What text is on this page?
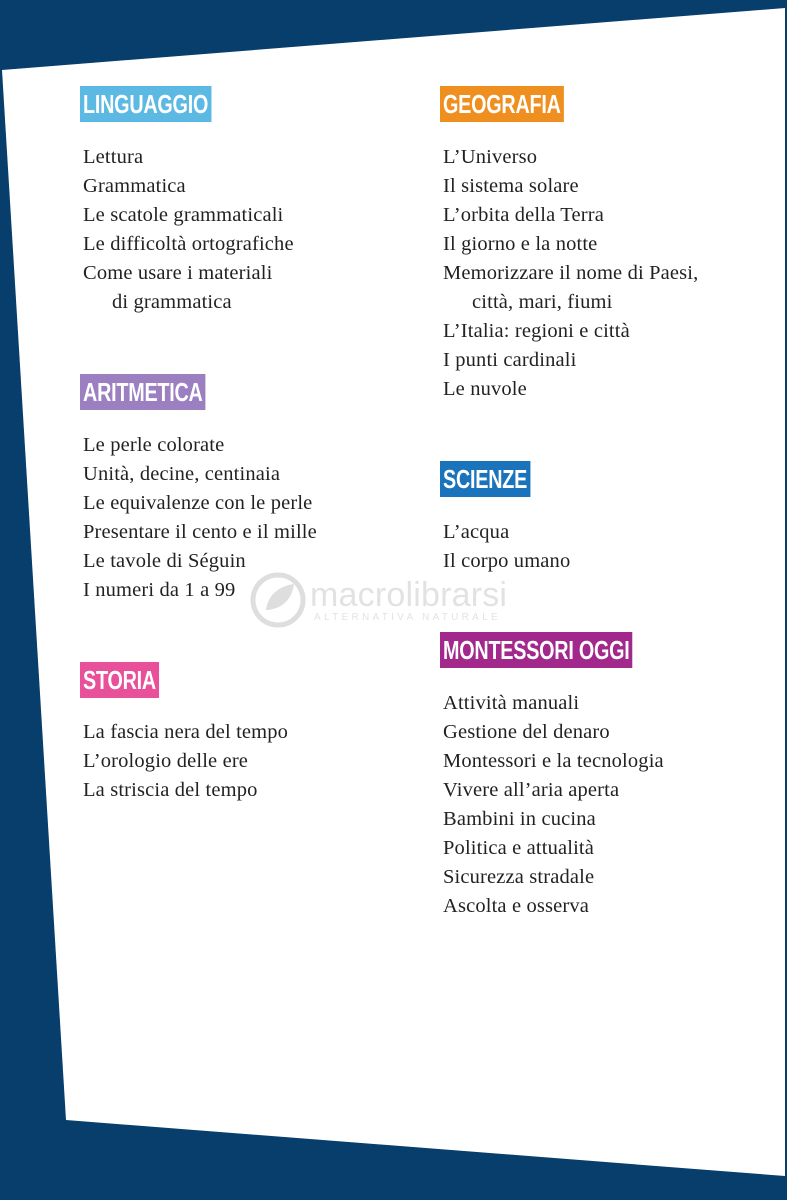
LINGUAGGIO
Lettura
Grammatica
Le scatole grammaticali
Le difficoltà ortografiche
Come usare i materiali
di grammatica
ARITMETICA
Le perle colorate
Unità, decine, centinaia
Le equivalenze con le perle
Presentare il cento e il mille
Le tavole di Séguin
I numeri da 1 a 99
STORIA
La fascia nera del tempo
L’orologio delle ere
La striscia del tempo
GEOGRAFIA
L’Universo
Il sistema solare
L’orbita della Terra
Il giorno e la notte
Memorizzare il nome di Paesi,
città, mari, fiumi
L’Italia: regioni e città
I punti cardinali
Le nuvole
SCIENZE
L’acqua
Il corpo umano
MONTESSORI OGGI
Attività manuali
Gestione del denaro
Montessori e la tecnologia
Vivere all’aria aperta
Bambini in cucina
Politica e attualità
Sicurezza stradale
Ascolta e osserva
macrolibrarsi
ALTERNATIVA NATURALE
